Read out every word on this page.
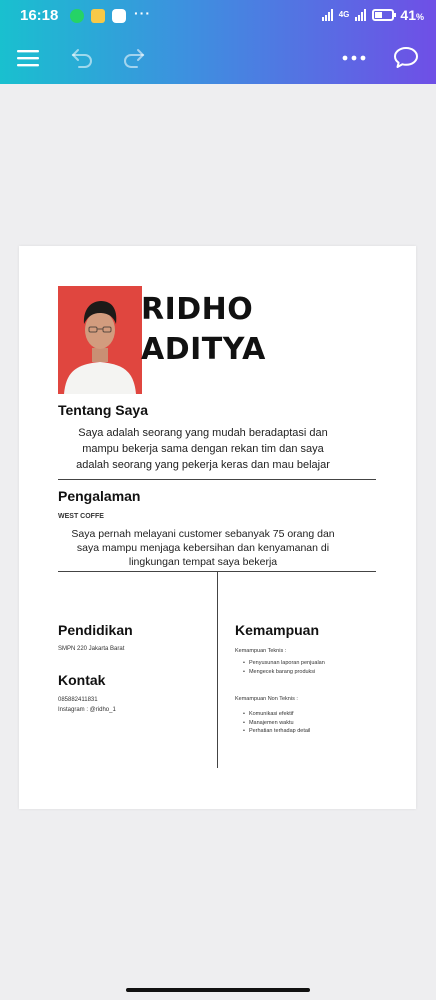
16:18	···	4G	41%
RIDHO
ADITYA
Tentang Saya
Saya adalah seorang yang mudah beradaptasi dan
mampu bekerja sama dengan rekan tim dan saya
adalah seorang yang pekerja keras dan mau belajar
Pengalaman
WEST COFFE
Saya pernah melayani customer sebanyak 75 orang dan
saya mampu menjaga kebersihan dan kenyamanan di
lingkungan tempat saya bekerja
Pendidikan
SMPN 220 Jakarta Barat
Kontak
085882411831
Instagram : @ridho_1
Kemampuan
Kemampuan Teknis :
• Penyusunan laporan penjualan
• Mengecek barang produksi
Kemampuan Non Teknis :
• Komunikasi efektif
• Manajemen waktu
• Perhatian terhadap detail
